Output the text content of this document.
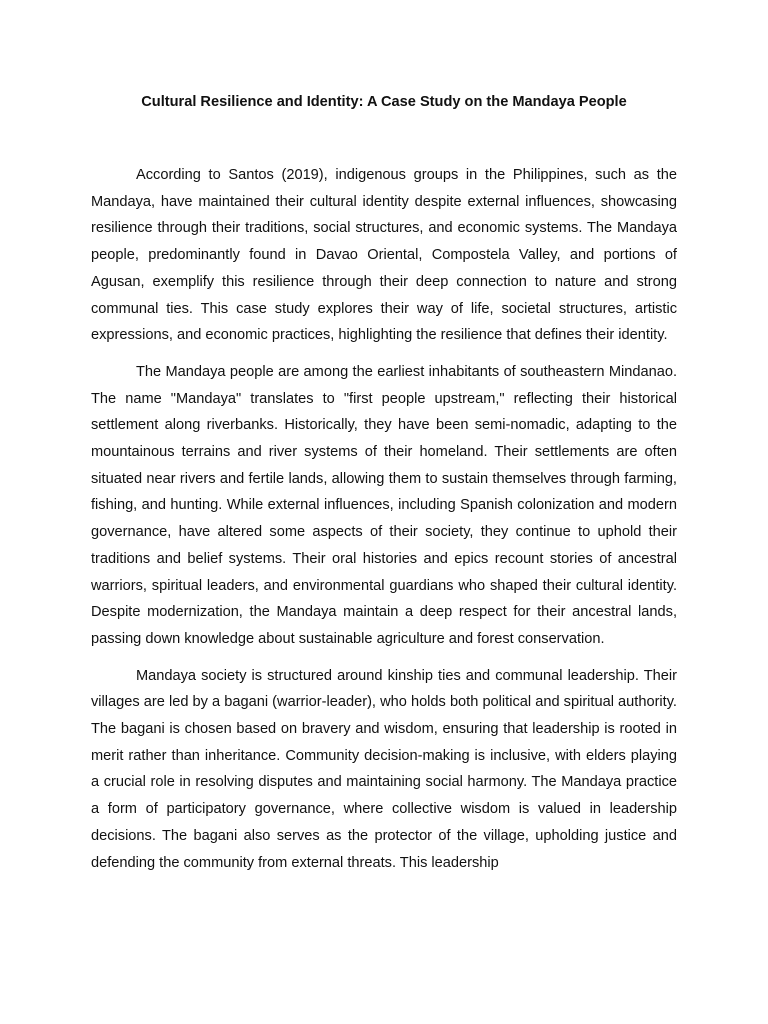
Cultural Resilience and Identity: A Case Study on the Mandaya People

According to Santos (2019), indigenous groups in the Philippines, such as the Mandaya, have maintained their cultural identity despite external influences, showcasing resilience through their traditions, social structures, and economic systems. The Mandaya people, predominantly found in Davao Oriental, Compostela Valley, and portions of Agusan, exemplify this resilience through their deep connection to nature and strong communal ties. This case study explores their way of life, societal structures, artistic expressions, and economic practices, highlighting the resilience that defines their identity.

The Mandaya people are among the earliest inhabitants of southeastern Mindanao. The name "Mandaya" translates to "first people upstream," reflecting their historical settlement along riverbanks. Historically, they have been semi-nomadic, adapting to the mountainous terrains and river systems of their homeland. Their settlements are often situated near rivers and fertile lands, allowing them to sustain themselves through farming, fishing, and hunting. While external influences, including Spanish colonization and modern governance, have altered some aspects of their society, they continue to uphold their traditions and belief systems. Their oral histories and epics recount stories of ancestral warriors, spiritual leaders, and environmental guardians who shaped their cultural identity. Despite modernization, the Mandaya maintain a deep respect for their ancestral lands, passing down knowledge about sustainable agriculture and forest conservation.

Mandaya society is structured around kinship ties and communal leadership. Their villages are led by a bagani (warrior-leader), who holds both political and spiritual authority. The bagani is chosen based on bravery and wisdom, ensuring that leadership is rooted in merit rather than inheritance. Community decision-making is inclusive, with elders playing a crucial role in resolving disputes and maintaining social harmony. The Mandaya practice a form of participatory governance, where collective wisdom is valued in leadership decisions. The bagani also serves as the protector of the village, upholding justice and defending the community from external threats. This leadership
